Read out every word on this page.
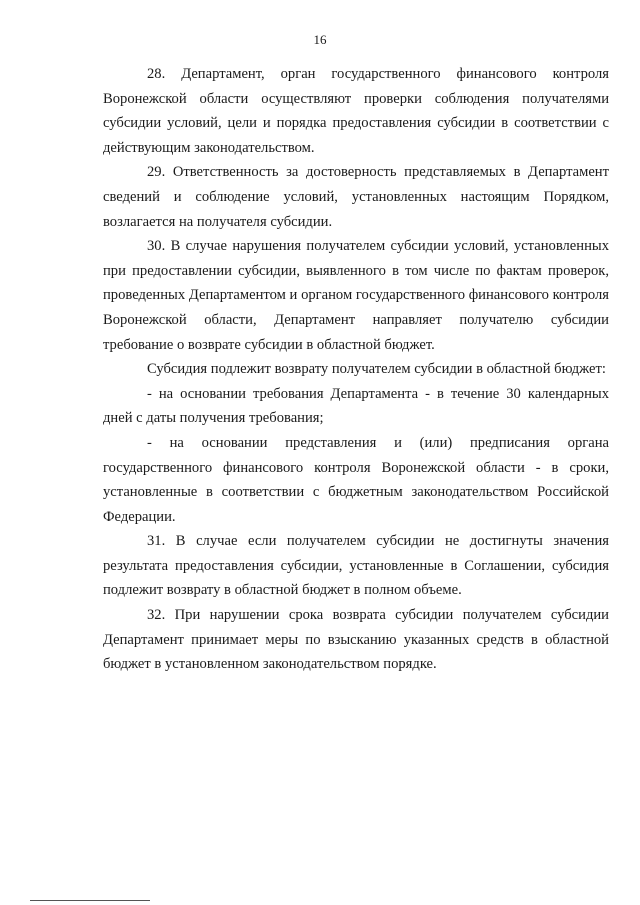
16

28. Департамент, орган государственного финансового контроля Воронежской области осуществляют проверки соблюдения получателями субсидии условий, цели и порядка предоставления субсидии в соответствии с действующим законодательством.

29. Ответственность за достоверность представляемых в Департамент сведений и соблюдение условий, установленных настоящим Порядком, возлагается на получателя субсидии.

30. В случае нарушения получателем субсидии условий, установленных при предоставлении субсидии, выявленного в том числе по фактам проверок, проведенных Департаментом и органом государственного финансового контроля Воронежской области, Департамент направляет получателю субсидии требование о возврате субсидии в областной бюджет.

Субсидия подлежит возврату получателем субсидии в областной бюджет:

- на основании требования Департамента - в течение 30 календарных дней с даты получения требования;

- на основании представления и (или) предписания органа государственного финансового контроля Воронежской области - в сроки, установленные в соответствии с бюджетным законодательством Российской Федерации.

31. В случае если получателем субсидии не достигнуты значения результата предоставления субсидии, установленные в Соглашении, субсидия подлежит возврату в областной бюджет в полном объеме.

32. При нарушении срока возврата субсидии получателем субсидии Департамент принимает меры по взысканию указанных средств в областной бюджет в установленном законодательством порядке.
